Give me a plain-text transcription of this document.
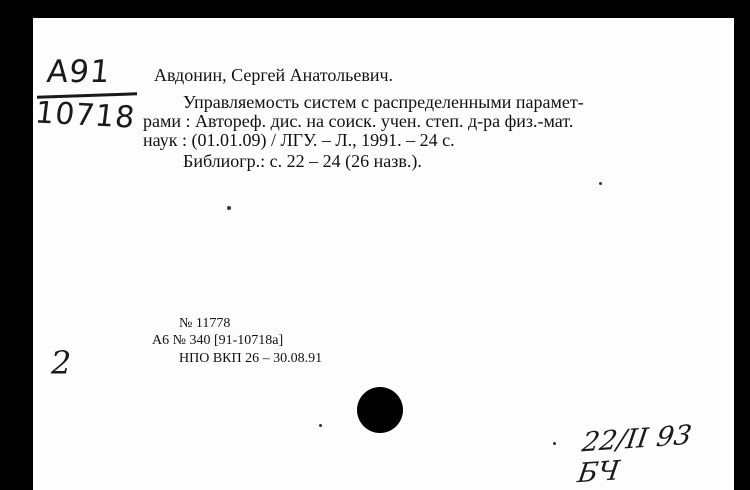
A91
10718
Авдонин, Сергей Анатольевич.
Управляемость систем с распределенными парамет-
рами : Автореф. дис. на соиск. учен. степ. д-ра физ.-мат.
наук : (01.01.09) / ЛГУ. – Л., 1991. – 24 с.
Библиогр.: с. 22 – 24 (26 назв.).
№ 11778
А6 № 340 [91-10718а]
НПО ВКП 26 – 30.08.91
2
22/II 93 БЧ
